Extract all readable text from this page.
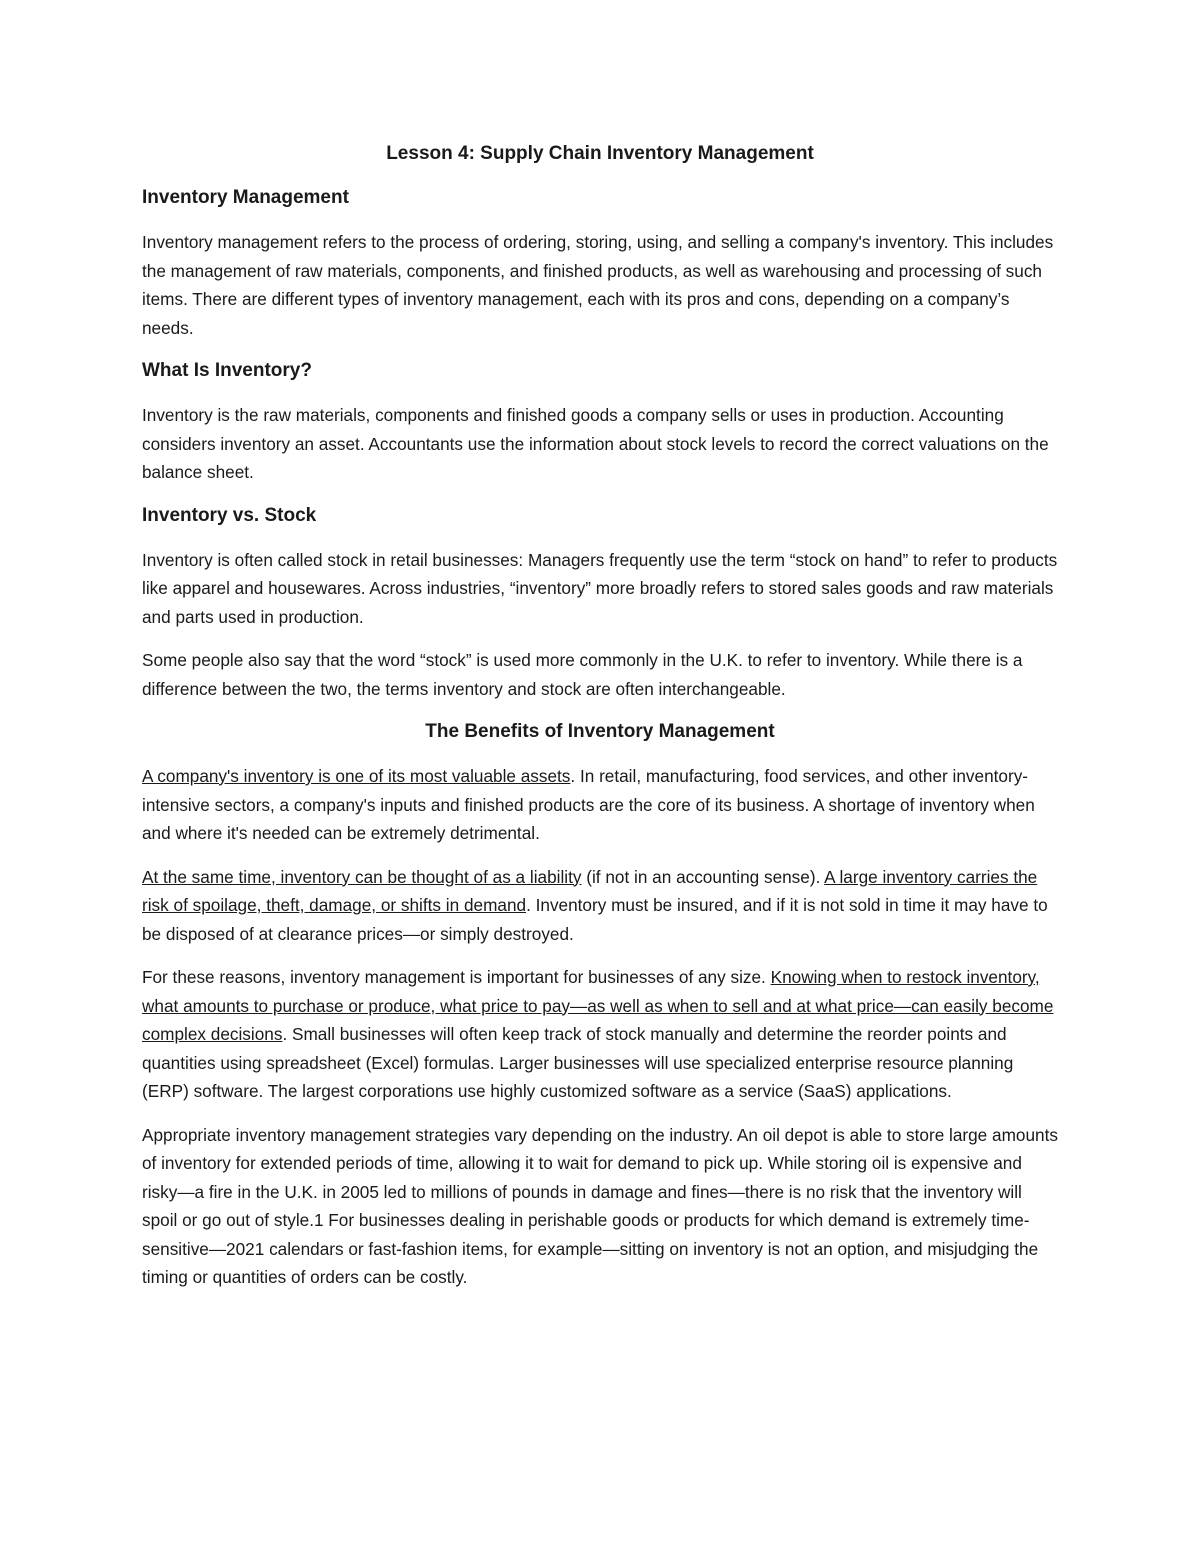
Lesson 4: Supply Chain Inventory Management
Inventory Management

Inventory management refers to the process of ordering, storing, using, and selling a company's inventory. This includes the management of raw materials, components, and finished products, as well as warehousing and processing of such items. There are different types of inventory management, each with its pros and cons, depending on a company’s needs.

What Is Inventory?

Inventory is the raw materials, components and finished goods a company sells or uses in production. Accounting considers inventory an asset. Accountants use the information about stock levels to record the correct valuations on the balance sheet.

Inventory vs. Stock

Inventory is often called stock in retail businesses: Managers frequently use the term “stock on hand” to refer to products like apparel and housewares. Across industries, “inventory” more broadly refers to stored sales goods and raw materials and parts used in production.

Some people also say that the word “stock” is used more commonly in the U.K. to refer to inventory. While there is a difference between the two, the terms inventory and stock are often interchangeable.

The Benefits of Inventory Management

A company's inventory is one of its most valuable assets. In retail, manufacturing, food services, and other inventory-intensive sectors, a company's inputs and finished products are the core of its business. A shortage of inventory when and where it's needed can be extremely detrimental.

At the same time, inventory can be thought of as a liability (if not in an accounting sense). A large inventory carries the risk of spoilage, theft, damage, or shifts in demand. Inventory must be insured, and if it is not sold in time it may have to be disposed of at clearance prices—or simply destroyed.

For these reasons, inventory management is important for businesses of any size. Knowing when to restock inventory, what amounts to purchase or produce, what price to pay—as well as when to sell and at what price—can easily become complex decisions. Small businesses will often keep track of stock manually and determine the reorder points and quantities using spreadsheet (Excel) formulas. Larger businesses will use specialized enterprise resource planning (ERP) software. The largest corporations use highly customized software as a service (SaaS) applications.

Appropriate inventory management strategies vary depending on the industry. An oil depot is able to store large amounts of inventory for extended periods of time, allowing it to wait for demand to pick up. While storing oil is expensive and risky—a fire in the U.K. in 2005 led to millions of pounds in damage and fines—there is no risk that the inventory will spoil or go out of style.1 For businesses dealing in perishable goods or products for which demand is extremely time-sensitive—2021 calendars or fast-fashion items, for example—sitting on inventory is not an option, and misjudging the timing or quantities of orders can be costly.
